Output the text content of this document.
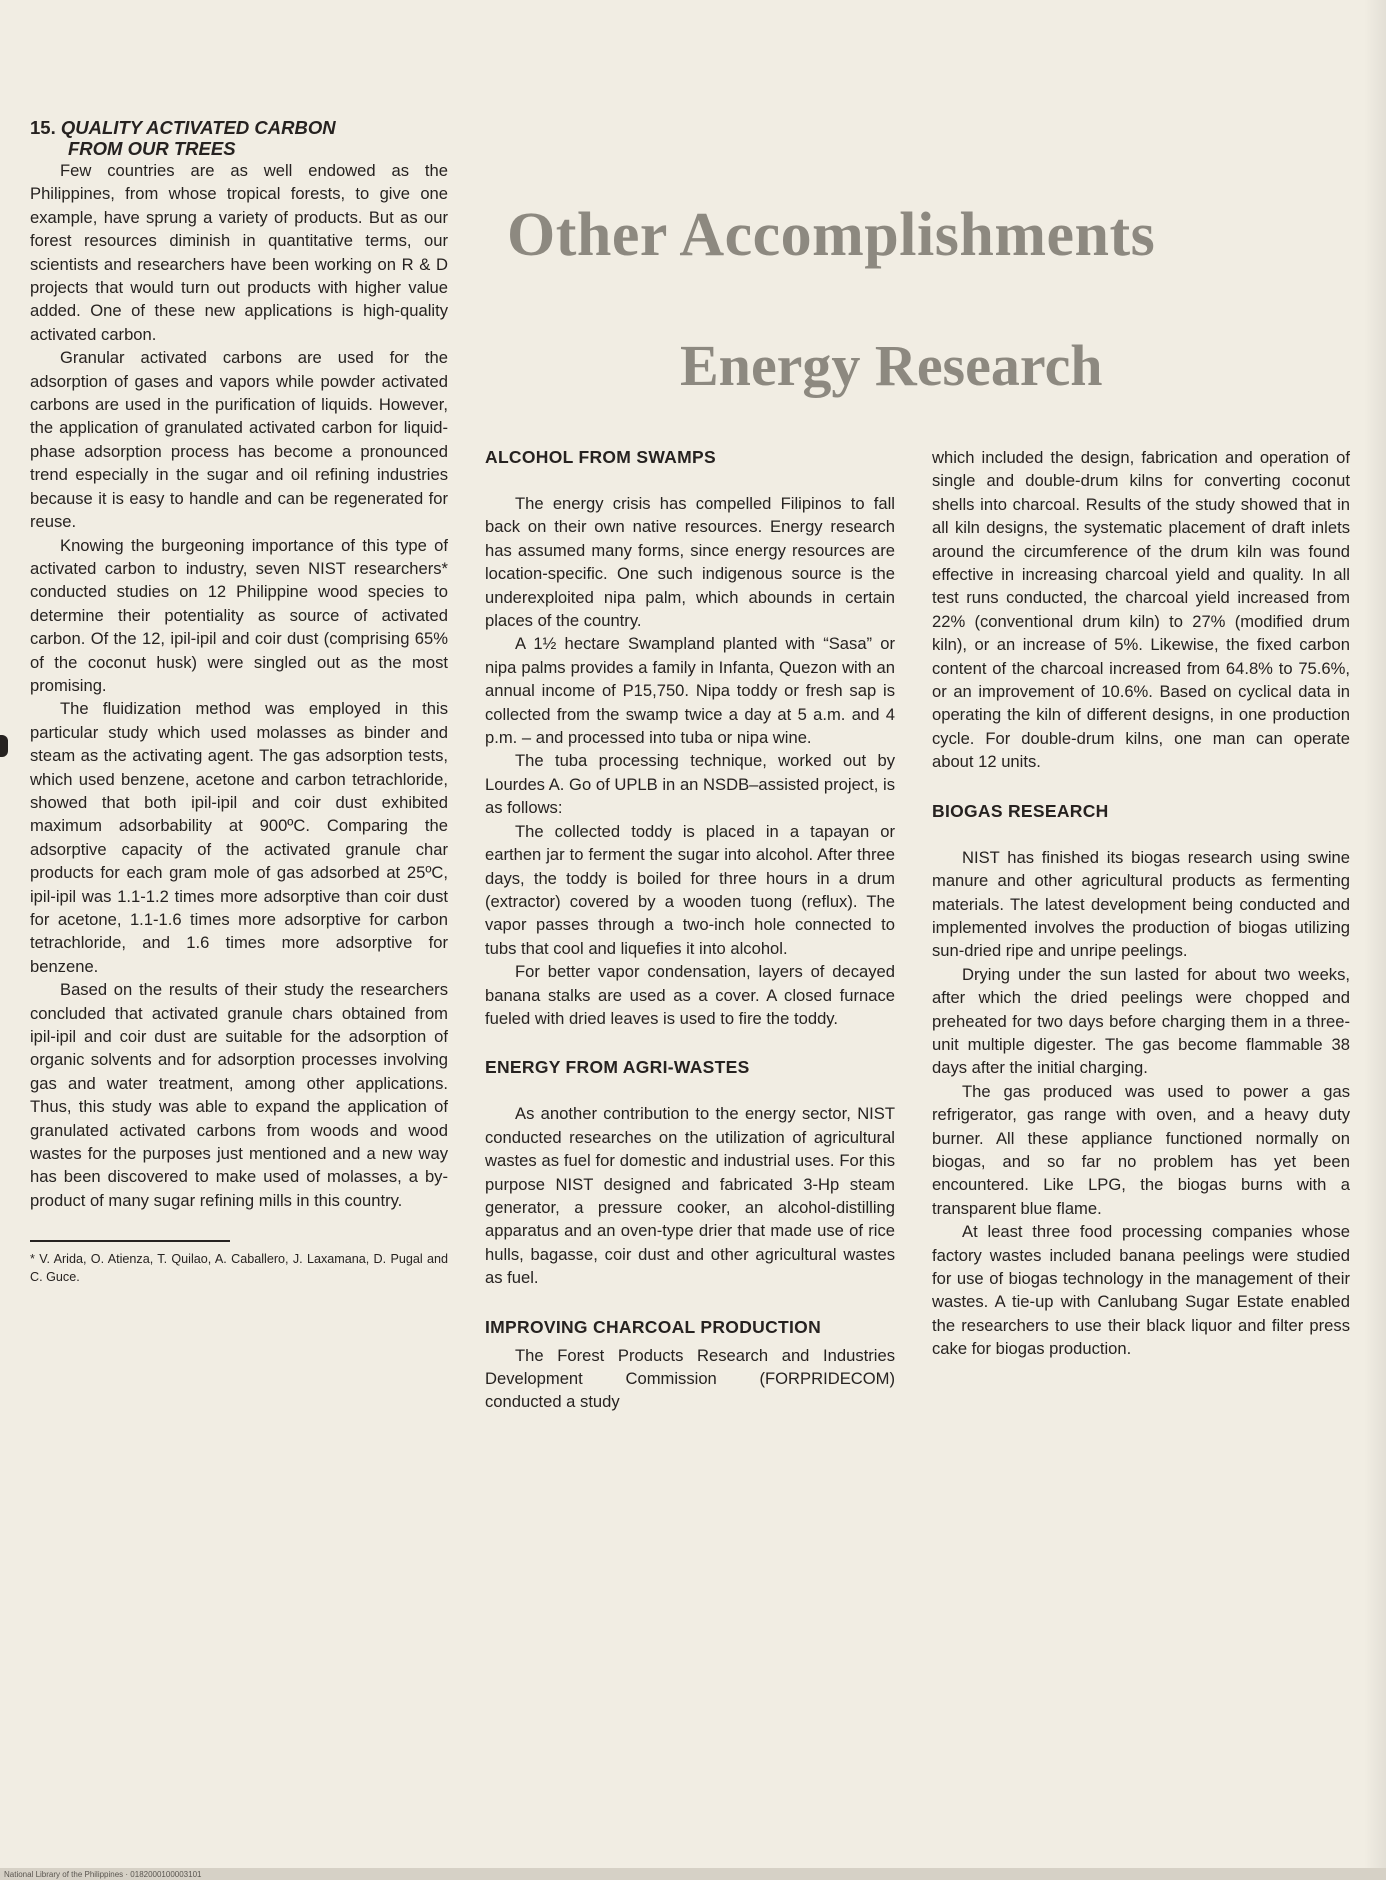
15. QUALITY ACTIVATED CARBON
FROM OUR TREES

Few countries are as well endowed as the Philippines, from whose tropical forests, to give one example, have sprung a variety of products. But as our forest resources diminish in quantitative terms, our scientists and researchers have been working on R & D projects that would turn out products with higher value added. One of these new applications is high-quality activated carbon.

Granular activated carbons are used for the adsorption of gases and vapors while powder activated carbons are used in the purification of liquids. However, the application of granulated activated carbon for liquid-phase adsorption process has become a pronounced trend especially in the sugar and oil refining industries because it is easy to handle and can be regenerated for reuse.

Knowing the burgeoning importance of this type of activated carbon to industry, seven NIST researchers* conducted studies on 12 Philippine wood species to determine their potentiality as source of activated carbon. Of the 12, ipil-ipil and coir dust (comprising 65% of the coconut husk) were singled out as the most promising.

The fluidization method was employed in this particular study which used molasses as binder and steam as the activating agent. The gas adsorption tests, which used benzene, acetone and carbon tetrachloride, showed that both ipil-ipil and coir dust exhibited maximum adsorbability at 900ºC. Comparing the adsorptive capacity of the activated granule char products for each gram mole of gas adsorbed at 25ºC, ipil-ipil was 1.1-1.2 times more adsorptive than coir dust for acetone, 1.1-1.6 times more adsorptive for carbon tetrachloride, and 1.6 times more adsorptive for benzene.

Based on the results of their study the researchers concluded that activated granule chars obtained from ipil-ipil and coir dust are suitable for the adsorption of organic solvents and for adsorption processes involving gas and water treatment, among other applications. Thus, this study was able to expand the application of granulated activated carbons from woods and wood wastes for the purposes just mentioned and a new way has been discovered to make used of molasses, a by-product of many sugar refining mills in this country.

* V. Arida, O. Atienza, T. Quilao, A. Caballero, J. Laxamana, D. Pugal and C. Guce.

Other Accomplishments
Energy Research
ALCOHOL FROM SWAMPS

The energy crisis has compelled Filipinos to fall back on their own native resources. Energy research has assumed many forms, since energy resources are location-specific. One such indigenous source is the underexploited nipa palm, which abounds in certain places of the country.

A 1½ hectare Swampland planted with “Sasa” or nipa palms provides a family in Infanta, Quezon with an annual income of P15,750. Nipa toddy or fresh sap is collected from the swamp twice a day at 5 a.m. and 4 p.m. – and processed into tuba or nipa wine.

The tuba processing technique, worked out by Lourdes A. Go of UPLB in an NSDB–assisted project, is as follows:

The collected toddy is placed in a tapayan or earthen jar to ferment the sugar into alcohol. After three days, the toddy is boiled for three hours in a drum (extractor) covered by a wooden tuong (reflux). The vapor passes through a two-inch hole connected to tubs that cool and liquefies it into alcohol.

For better vapor condensation, layers of decayed banana stalks are used as a cover. A closed furnace fueled with dried leaves is used to fire the toddy.

ENERGY FROM AGRI-WASTES

As another contribution to the energy sector, NIST conducted researches on the utilization of agricultural wastes as fuel for domestic and industrial uses. For this purpose NIST designed and fabricated 3-Hp steam generator, a pressure cooker, an alcohol-distilling apparatus and an oven-type drier that made use of rice hulls, bagasse, coir dust and other agricultural wastes as fuel.

IMPROVING CHARCOAL PRODUCTION

The Forest Products Research and Industries Development Commission (FORPRIDECOM) conducted a study

which included the design, fabrication and operation of single and double-drum kilns for converting coconut shells into charcoal. Results of the study showed that in all kiln designs, the systematic placement of draft inlets around the circumference of the drum kiln was found effective in increasing charcoal yield and quality. In all test runs conducted, the charcoal yield increased from 22% (conventional drum kiln) to 27% (modified drum kiln), or an increase of 5%. Likewise, the fixed carbon content of the charcoal increased from 64.8% to 75.6%, or an improvement of 10.6%. Based on cyclical data in operating the kiln of different designs, in one production cycle. For double-drum kilns, one man can operate about 12 units.

BIOGAS RESEARCH

NIST has finished its biogas research using swine manure and other agricultural products as fermenting materials. The latest development being conducted and implemented involves the production of biogas utilizing sun-dried ripe and unripe peelings.

Drying under the sun lasted for about two weeks, after which the dried peelings were chopped and preheated for two days before charging them in a three-unit multiple digester. The gas become flammable 38 days after the initial charging.

The gas produced was used to power a gas refrigerator, gas range with oven, and a heavy duty burner. All these appliance functioned normally on biogas, and so far no problem has yet been encountered. Like LPG, the biogas burns with a transparent blue flame.

At least three food processing companies whose factory wastes included banana peelings were studied for use of biogas technology in the management of their wastes. A tie-up with Canlubang Sugar Estate enabled the researchers to use their black liquor and filter press cake for biogas production.

National Library of the Philippines · 0182000100003101
